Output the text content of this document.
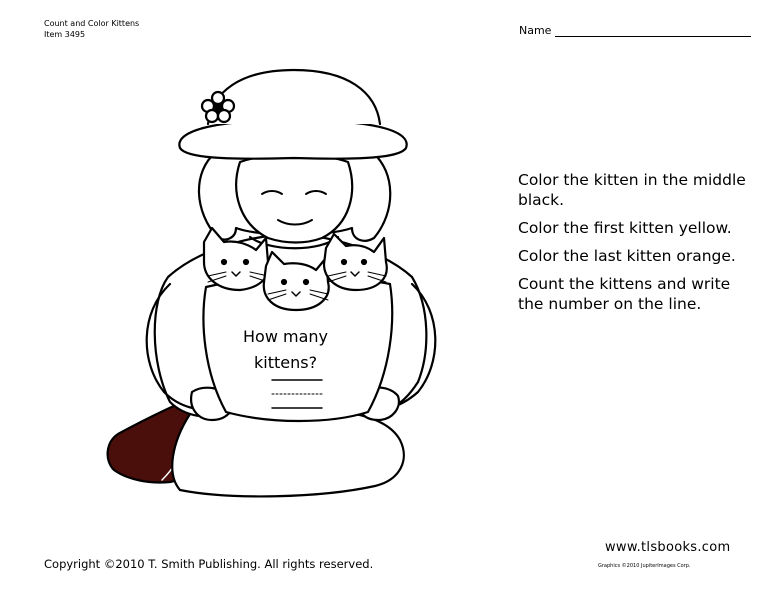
Count and Color Kittens
Item 3495	Name
How many
kittens?

Color the kitten in the middle black.

Color the first kitten yellow.

Color the last kitten orange.

Count the kittens and write the number on the line.

www.tlsbooks.com
Copyright ©2010 T. Smith Publishing. All rights reserved.	Graphics ©2010 JupiterImages Corp.
